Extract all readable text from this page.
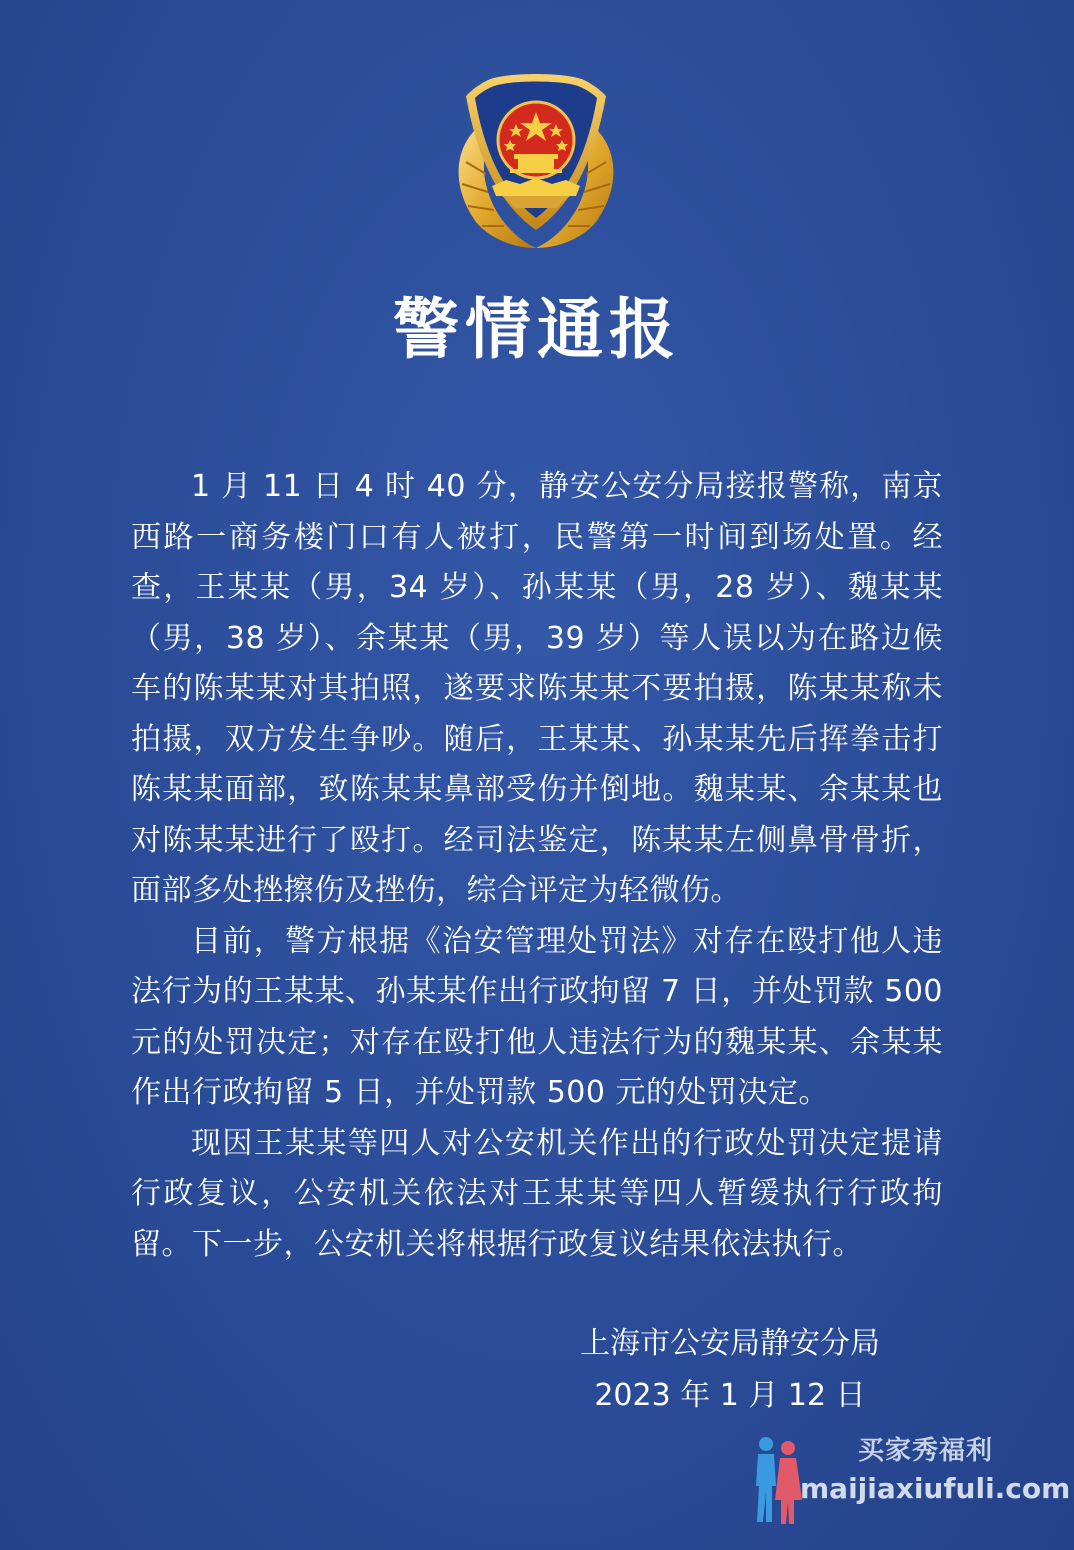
警情通报

1 月 11 日 4 时 40 分，静安公安分局接报警称，南京西路一商务楼门口有人被打，民警第一时间到场处置。经查，王某某（男，34 岁）、孙某某（男，28 岁）、魏某某（男，38 岁）、余某某（男，39 岁）等人误以为在路边候车的陈某某对其拍照，遂要求陈某某不要拍摄，陈某某称未拍摄，双方发生争吵。随后，王某某、孙某某先后挥拳击打陈某某面部，致陈某某鼻部受伤并倒地。魏某某、余某某也对陈某某进行了殴打。经司法鉴定，陈某某左侧鼻骨骨折，面部多处挫擦伤及挫伤，综合评定为轻微伤。

目前，警方根据《治安管理处罚法》对存在殴打他人违法行为的王某某、孙某某作出行政拘留 7 日，并处罚款 500 元的处罚决定；对存在殴打他人违法行为的魏某某、余某某作出行政拘留 5 日，并处罚款 500 元的处罚决定。

现因王某某等四人对公安机关作出的行政处罚决定提请行政复议，公安机关依法对王某某等四人暂缓执行行政拘留。下一步，公安机关将根据行政复议结果依法执行。

上海市公安局静安分局
2023 年 1 月 12 日
买家秀福利
maijiaxiufuli.com
